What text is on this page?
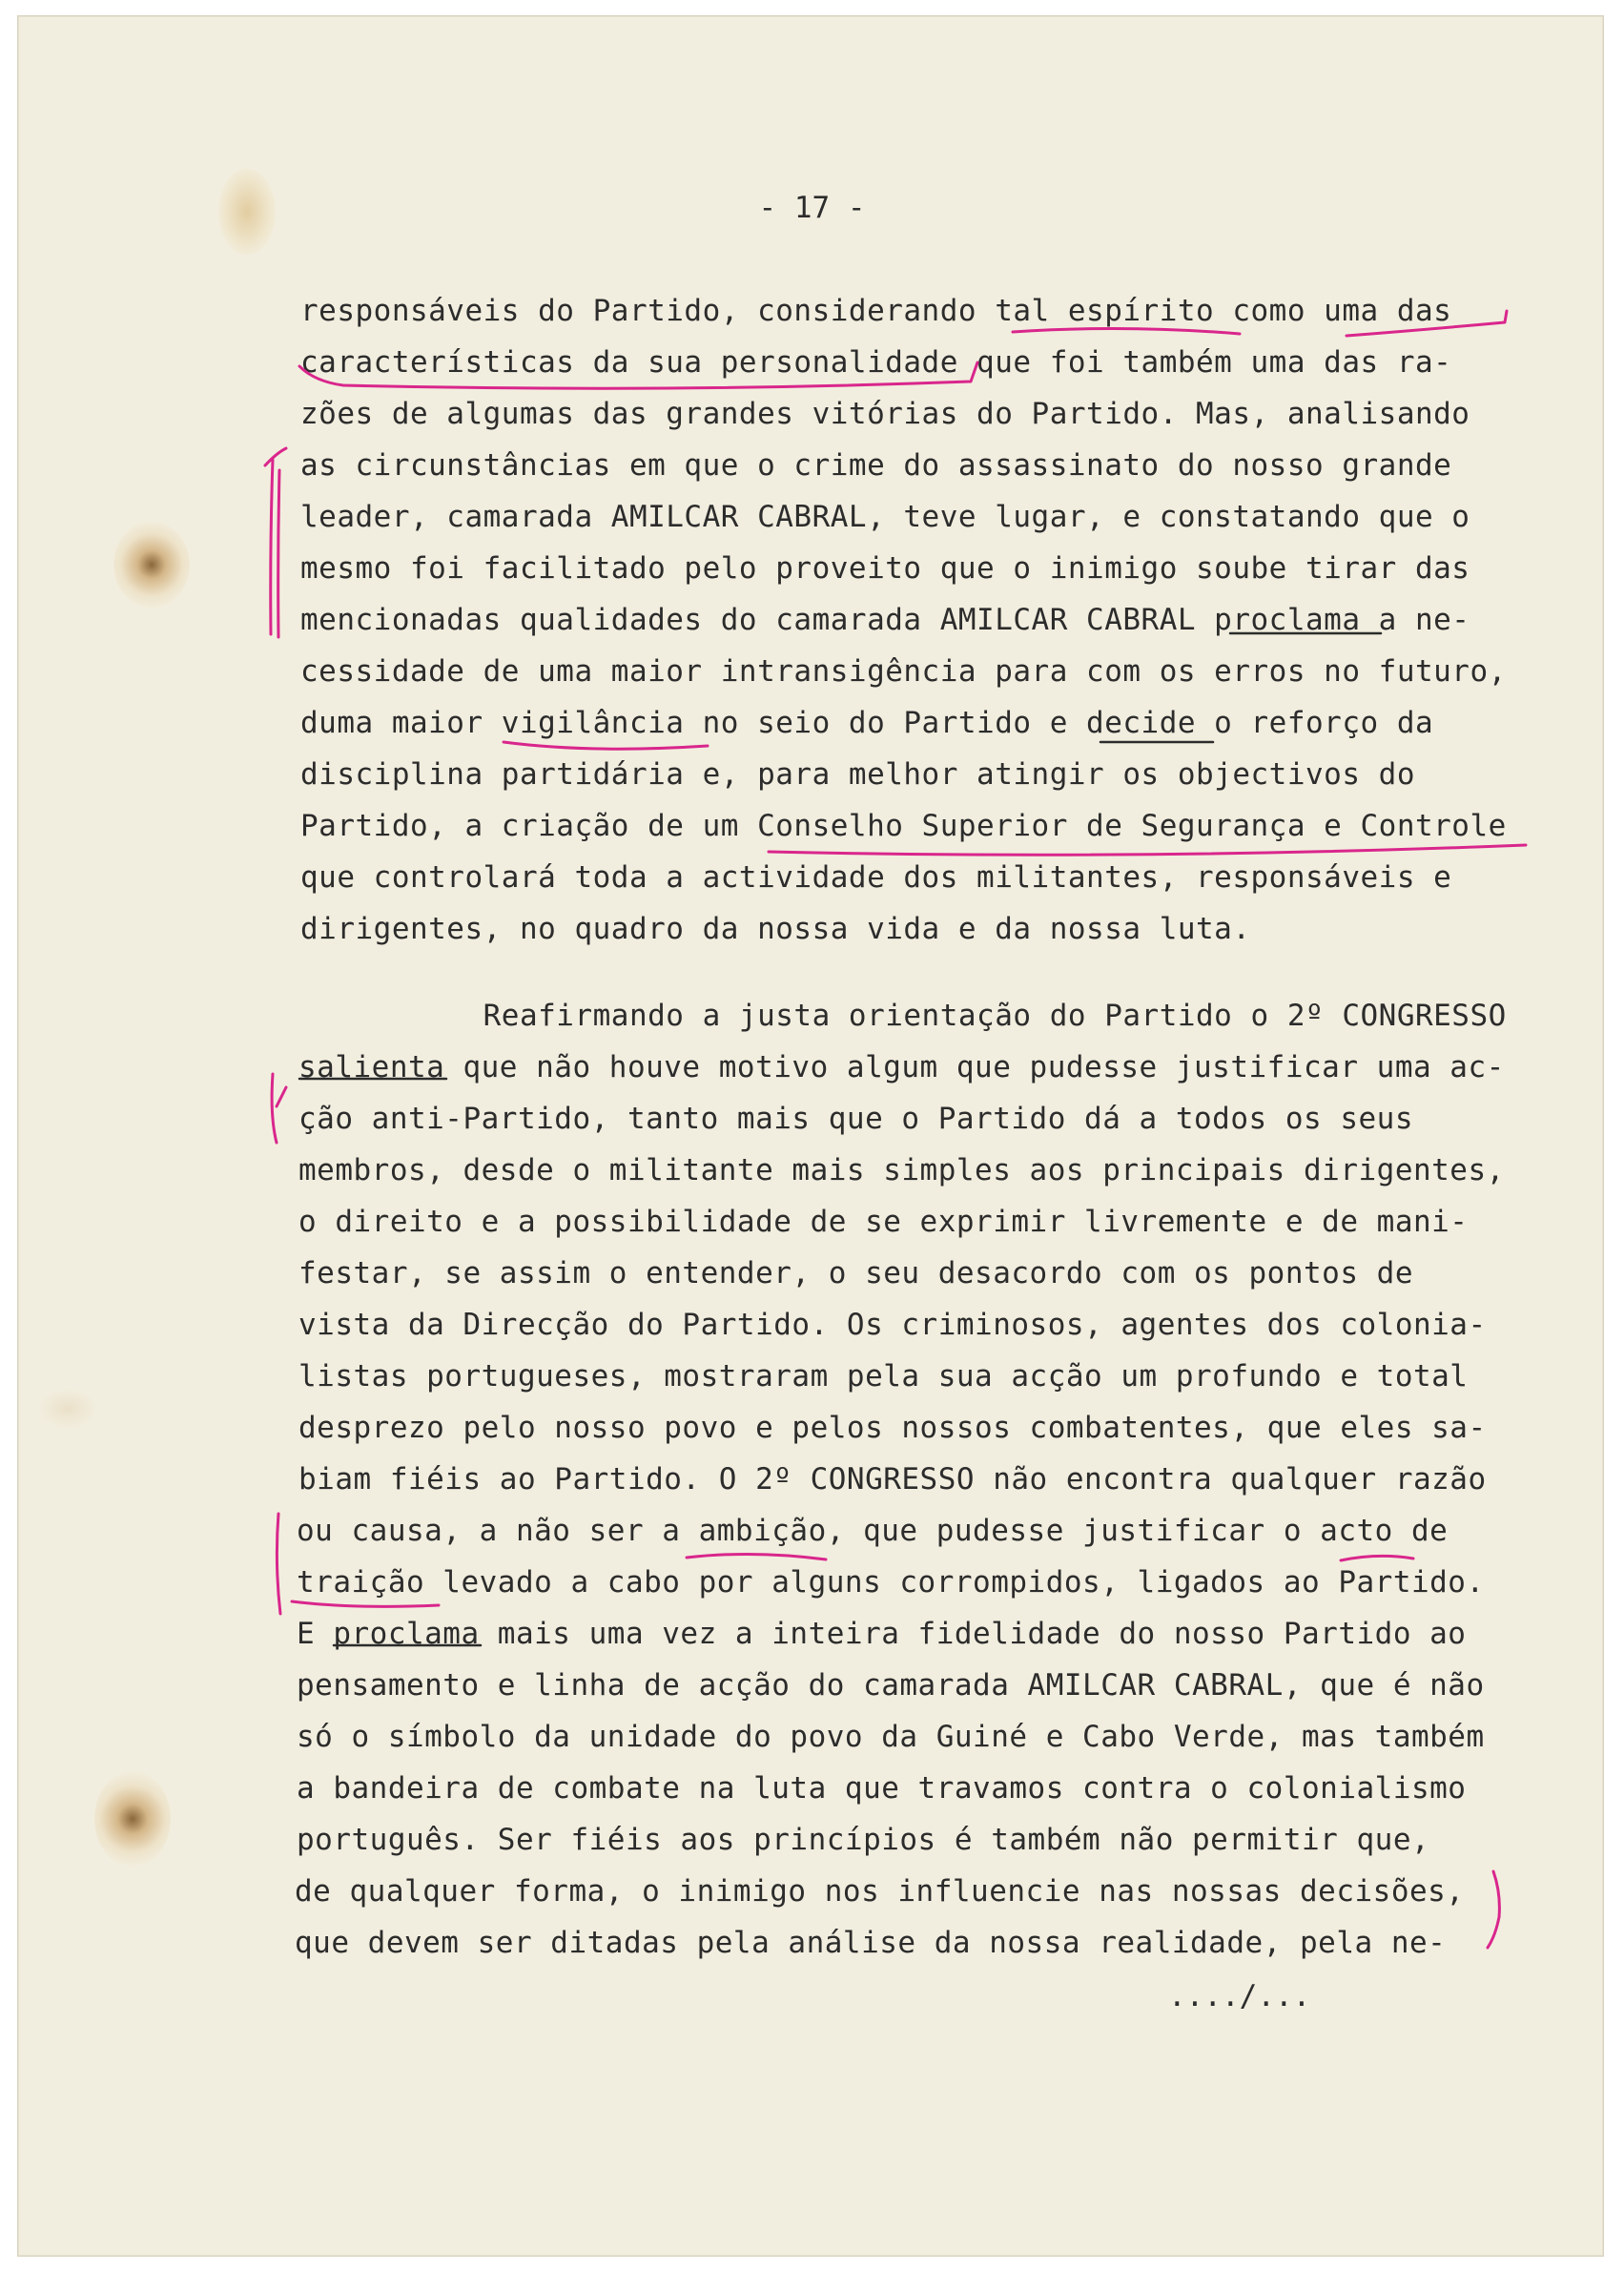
- 17 -
responsáveis do Partido, considerando tal espírito como uma das
características da sua personalidade que foi também uma das ra-
zões de algumas das grandes vitórias do Partido. Mas, analisando
as circunstâncias em que o crime do assassinato do nosso grande
leader, camarada AMILCAR CABRAL, teve lugar, e constatando que o
mesmo foi facilitado pelo proveito que o inimigo soube tirar das
mencionadas qualidades do camarada AMILCAR CABRAL proclama a ne-
cessidade de uma maior intransigência para com os erros no futuro,
duma maior vigilância no seio do Partido e decide o reforço da
disciplina partidária e, para melhor atingir os objectivos do
Partido, a criação de um Conselho Superior de Segurança e Controle
que controlará toda a actividade dos militantes, responsáveis e
dirigentes, no quadro da nossa vida e da nossa luta.
Reafirmando a justa orientação do Partido o 2º CONGRESSO
salienta que não houve motivo algum que pudesse justificar uma ac-
ção anti-Partido, tanto mais que o Partido dá a todos os seus
membros, desde o militante mais simples aos principais dirigentes,
o direito e a possibilidade de se exprimir livremente e de mani-
festar, se assim o entender, o seu desacordo com os pontos de
vista da Direcção do Partido. Os criminosos, agentes dos colonia-
listas portugueses, mostraram pela sua acção um profundo e total
desprezo pelo nosso povo e pelos nossos combatentes, que eles sa-
biam fiéis ao Partido. O 2º CONGRESSO não encontra qualquer razão
ou causa, a não ser a ambição, que pudesse justificar o acto de
traição levado a cabo por alguns corrompidos, ligados ao Partido.
E proclama mais uma vez a inteira fidelidade do nosso Partido ao
pensamento e linha de acção do camarada AMILCAR CABRAL, que é não
só o símbolo da unidade do povo da Guiné e Cabo Verde, mas também
a bandeira de combate na luta que travamos contra o colonialismo
português. Ser fiéis aos princípios é também não permitir que,
de qualquer forma, o inimigo nos influencie nas nossas decisões,
que devem ser ditadas pela análise da nossa realidade, pela ne-
..../...
